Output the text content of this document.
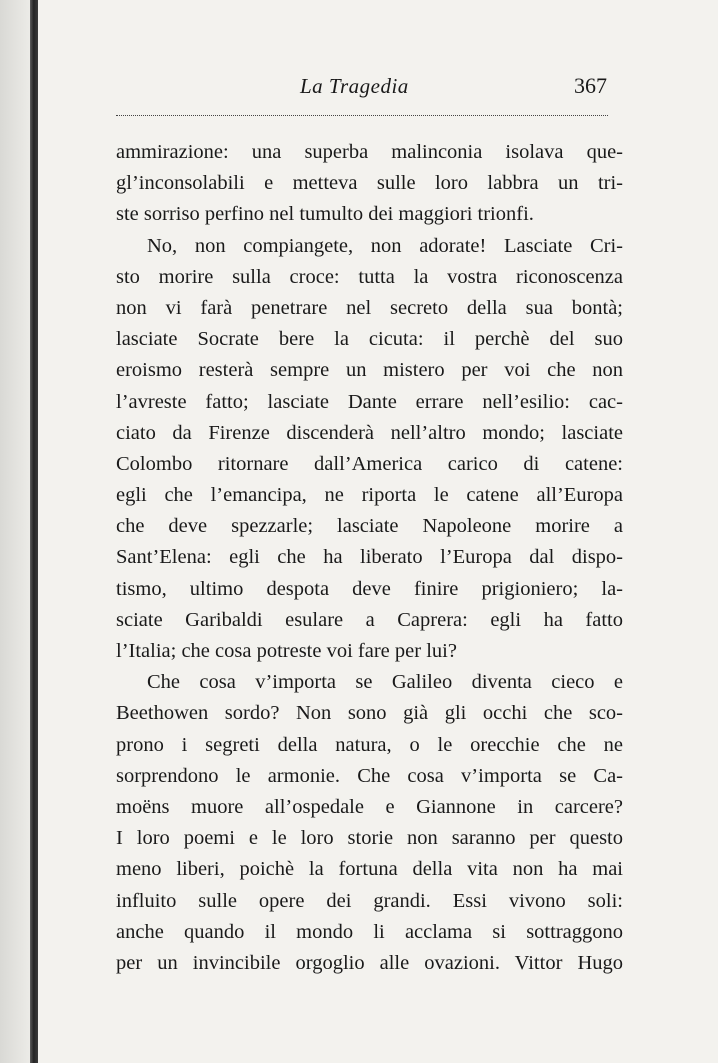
La Tragedia	367
ammirazione: una superba malinconia isolava que-
gl’inconsolabili e metteva sulle loro labbra un tri-
ste sorriso perfino nel tumulto dei maggiori trionfi.
No, non compiangete, non adorate! Lasciate Cri-
sto morire sulla croce: tutta la vostra riconoscenza
non vi farà penetrare nel secreto della sua bontà;
lasciate Socrate bere la cicuta: il perchè del suo
eroismo resterà sempre un mistero per voi che non
l’avreste fatto; lasciate Dante errare nell’esilio: cac-
ciato da Firenze discenderà nell’altro mondo; lasciate
Colombo ritornare dall’America carico di catene:
egli che l’emancipa, ne riporta le catene all’Europa
che deve spezzarle; lasciate Napoleone morire a
Sant’Elena: egli che ha liberato l’Europa dal dispo-
tismo, ultimo despota deve finire prigioniero; la-
sciate Garibaldi esulare a Caprera: egli ha fatto
l’Italia; che cosa potreste voi fare per lui?
Che cosa v’importa se Galileo diventa cieco e
Beethowen sordo? Non sono già gli occhi che sco-
prono i segreti della natura, o le orecchie che ne
sorprendono le armonie. Che cosa v’importa se Ca-
moëns muore all’ospedale e Giannone in carcere?
I loro poemi e le loro storie non saranno per questo
meno liberi, poichè la fortuna della vita non ha mai
influito sulle opere dei grandi. Essi vivono soli:
anche quando il mondo li acclama si sottraggono
per un invincibile orgoglio alle ovazioni. Vittor Hugo
